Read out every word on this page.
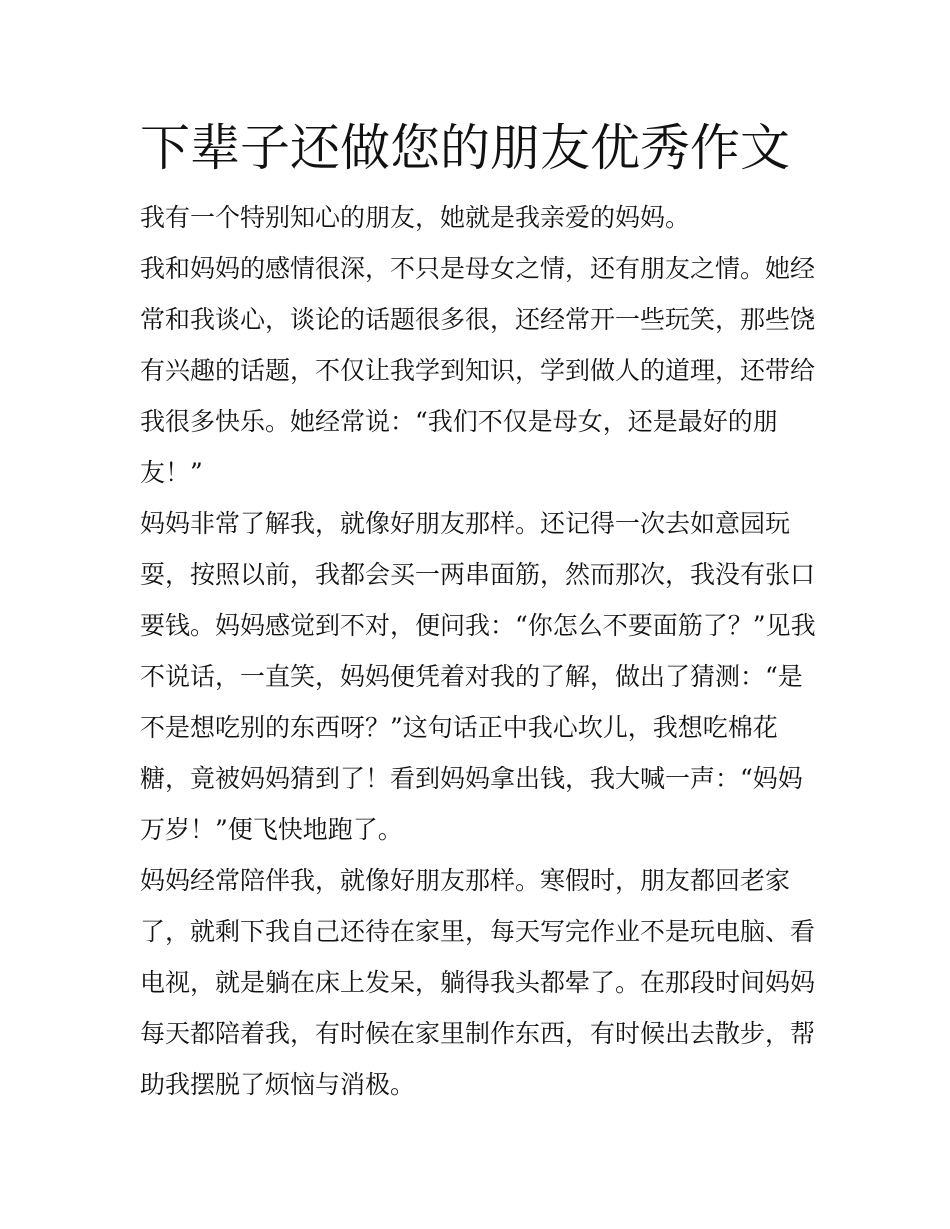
下辈子还做您的朋友优秀作文

我有一个特别知心的朋友，她就是我亲爱的妈妈。

我和妈妈的感情很深，不只是母女之情，还有朋友之情。她经
常和我谈心，谈论的话题很多很，还经常开一些玩笑，那些饶
有兴趣的话题，不仅让我学到知识，学到做人的道理，还带给
我很多快乐。她经常说：“我们不仅是母女，还是最好的朋
友！”

妈妈非常了解我，就像好朋友那样。还记得一次去如意园玩
耍，按照以前，我都会买一两串面筋，然而那次，我没有张口
要钱。妈妈感觉到不对，便问我：“你怎么不要面筋了？”见我
不说话，一直笑，妈妈便凭着对我的了解，做出了猜测：“是
不是想吃别的东西呀？”这句话正中我心坎儿，我想吃棉花
糖，竟被妈妈猜到了！看到妈妈拿出钱，我大喊一声：“妈妈
万岁！”便飞快地跑了。

妈妈经常陪伴我，就像好朋友那样。寒假时，朋友都回老家
了，就剩下我自己还待在家里，每天写完作业不是玩电脑、看
电视，就是躺在床上发呆，躺得我头都晕了。在那段时间妈妈
每天都陪着我，有时候在家里制作东西，有时候出去散步，帮
助我摆脱了烦恼与消极。
